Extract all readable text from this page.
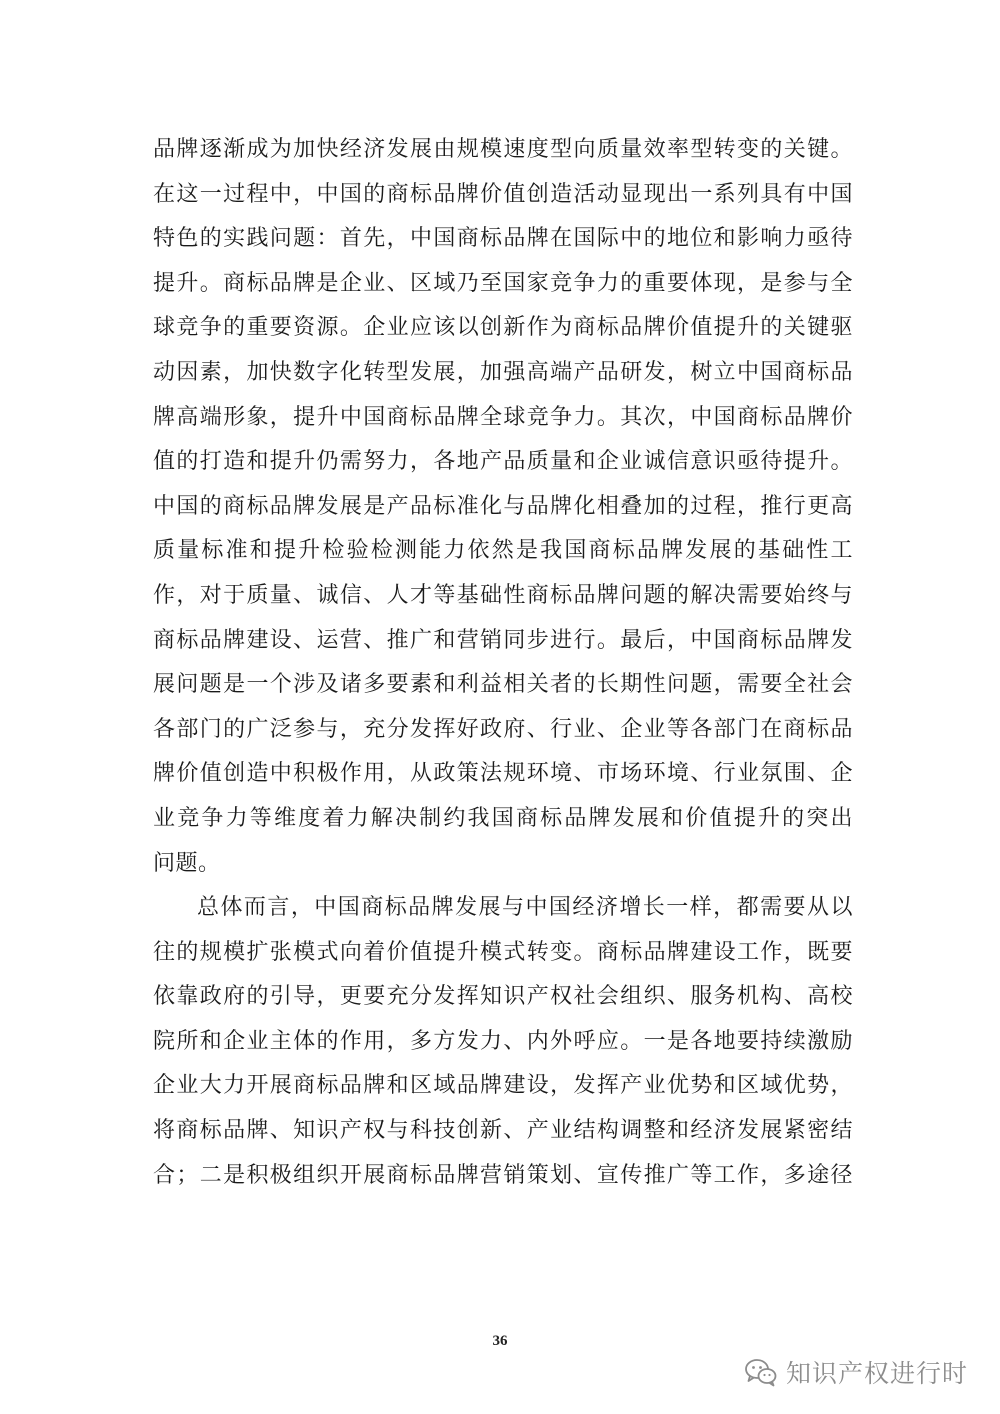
品牌逐渐成为加快经济发展由规模速度型向质量效率型转变的关键。
在这一过程中，中国的商标品牌价值创造活动显现出一系列具有中国
特色的实践问题：首先，中国商标品牌在国际中的地位和影响力亟待
提升。商标品牌是企业、区域乃至国家竞争力的重要体现，是参与全
球竞争的重要资源。企业应该以创新作为商标品牌价值提升的关键驱
动因素，加快数字化转型发展，加强高端产品研发，树立中国商标品
牌高端形象，提升中国商标品牌全球竞争力。其次，中国商标品牌价
值的打造和提升仍需努力，各地产品质量和企业诚信意识亟待提升。
中国的商标品牌发展是产品标准化与品牌化相叠加的过程，推行更高
质量标准和提升检验检测能力依然是我国商标品牌发展的基础性工
作，对于质量、诚信、人才等基础性商标品牌问题的解决需要始终与
商标品牌建设、运营、推广和营销同步进行。最后，中国商标品牌发
展问题是一个涉及诸多要素和利益相关者的长期性问题，需要全社会
各部门的广泛参与，充分发挥好政府、行业、企业等各部门在商标品
牌价值创造中积极作用，从政策法规环境、市场环境、行业氛围、企
业竞争力等维度着力解决制约我国商标品牌发展和价值提升的突出
问题。
总体而言，中国商标品牌发展与中国经济增长一样，都需要从以
往的规模扩张模式向着价值提升模式转变。商标品牌建设工作，既要
依靠政府的引导，更要充分发挥知识产权社会组织、服务机构、高校
院所和企业主体的作用，多方发力、内外呼应。一是各地要持续激励
企业大力开展商标品牌和区域品牌建设，发挥产业优势和区域优势，
将商标品牌、知识产权与科技创新、产业结构调整和经济发展紧密结
合；二是积极组织开展商标品牌营销策划、宣传推广等工作，多途径
36
知识产权进行时
